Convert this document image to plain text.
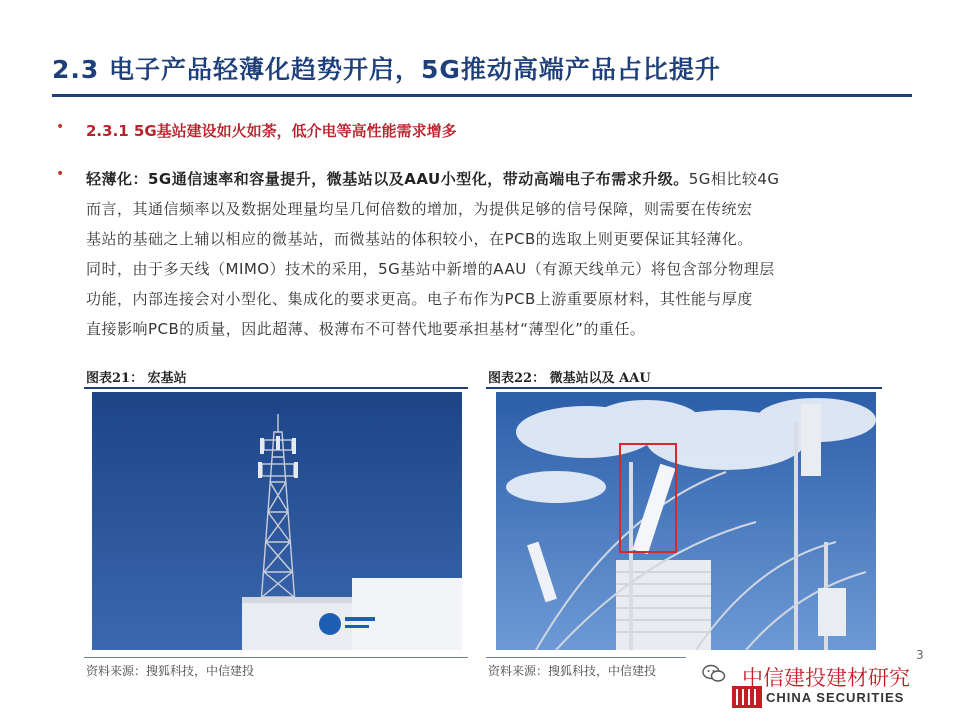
2.3 电子产品轻薄化趋势开启，5G推动高端产品占比提升
• 2.3.1 5G基站建设如火如荼，低介电等高性能需求增多
• 轻薄化：5G通信速率和容量提升，微基站以及AAU小型化，带动高端电子布需求升级。5G相比较4G
而言，其通信频率以及数据处理量均呈几何倍数的增加，为提供足够的信号保障，则需要在传统宏
基站的基础之上辅以相应的微基站，而微基站的体积较小，在PCB的选取上则更要保证其轻薄化。
同时，由于多天线（MIMO）技术的采用，5G基站中新增的AAU（有源天线单元）将包含部分物理层
功能，内部连接会对小型化、集成化的要求更高。电子布作为PCB上游重要原材料，其性能与厚度
直接影响PCB的质量，因此超薄、极薄布不可替代地要承担基材“薄型化”的重任。
图表21： 宏基站
资料来源：搜狐科技，中信建投
图表22： 微基站以及 AAU
资料来源：搜狐科技，中信建投	中信建投建材研究
CHINA SECURITIES
3
